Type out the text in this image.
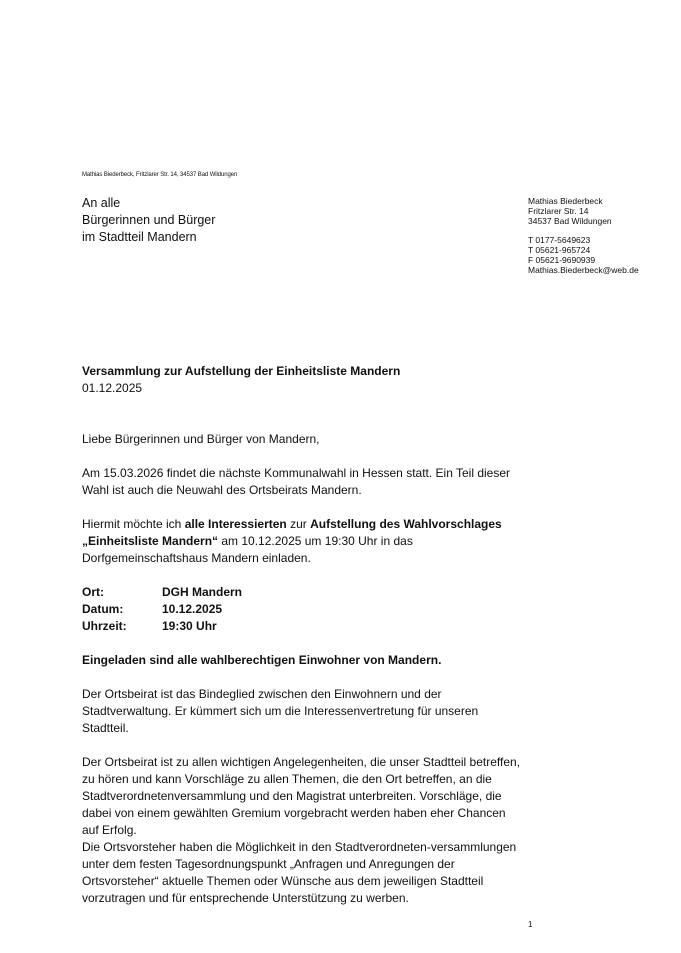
Mathias Biederbeck, Fritzlarer Str. 14, 34537 Bad Wildungen
An alle
Bürgerinnen und Bürger
im Stadtteil Mandern
Mathias Biederbeck
Fritzlarer Str. 14
34537 Bad Wildungen
T 0177-5649623
T 05621-965724
F 05621-9690939
Mathias.Biederbeck@web.de

Versammlung zur Aufstellung der Einheitsliste Mandern

01.12.2025

Liebe Bürgerinnen und Bürger von Mandern,

Am 15.03.2026 findet die nächste Kommunalwahl in Hessen statt. Ein Teil dieser Wahl ist auch die Neuwahl des Ortsbeirats Mandern.

Hiermit möchte ich alle Interessierten zur Aufstellung des Wahlvorschlages „Einheitsliste Mandern“ am 10.12.2025 um 19:30 Uhr in das Dorfgemeinschaftshaus Mandern einladen.

Ort:	DGH Mandern
Datum:	10.12.2025
Uhrzeit:	19:30 Uhr

Eingeladen sind alle wahlberechtigen Einwohner von Mandern.

Der Ortsbeirat ist das Bindeglied zwischen den Einwohnern und der Stadtverwaltung. Er kümmert sich um die Interessenvertretung für unseren Stadtteil.

Der Ortsbeirat ist zu allen wichtigen Angelegenheiten, die unser Stadtteil betreffen, zu hören und kann Vorschläge zu allen Themen, die den Ort betreffen, an die Stadtverordnetenversammlung und den Magistrat unterbreiten. Vorschläge, die dabei von einem gewählten Gremium vorgebracht werden haben eher Chancen auf Erfolg.

Die Ortsvorsteher haben die Möglichkeit in den Stadtverordneten-versammlungen unter dem festen Tagesordnungspunkt „Anfragen und Anregungen der Ortsvorsteher“ aktuelle Themen oder Wünsche aus dem jeweiligen Stadtteil vorzutragen und für entsprechende Unterstützung zu werben.

1
